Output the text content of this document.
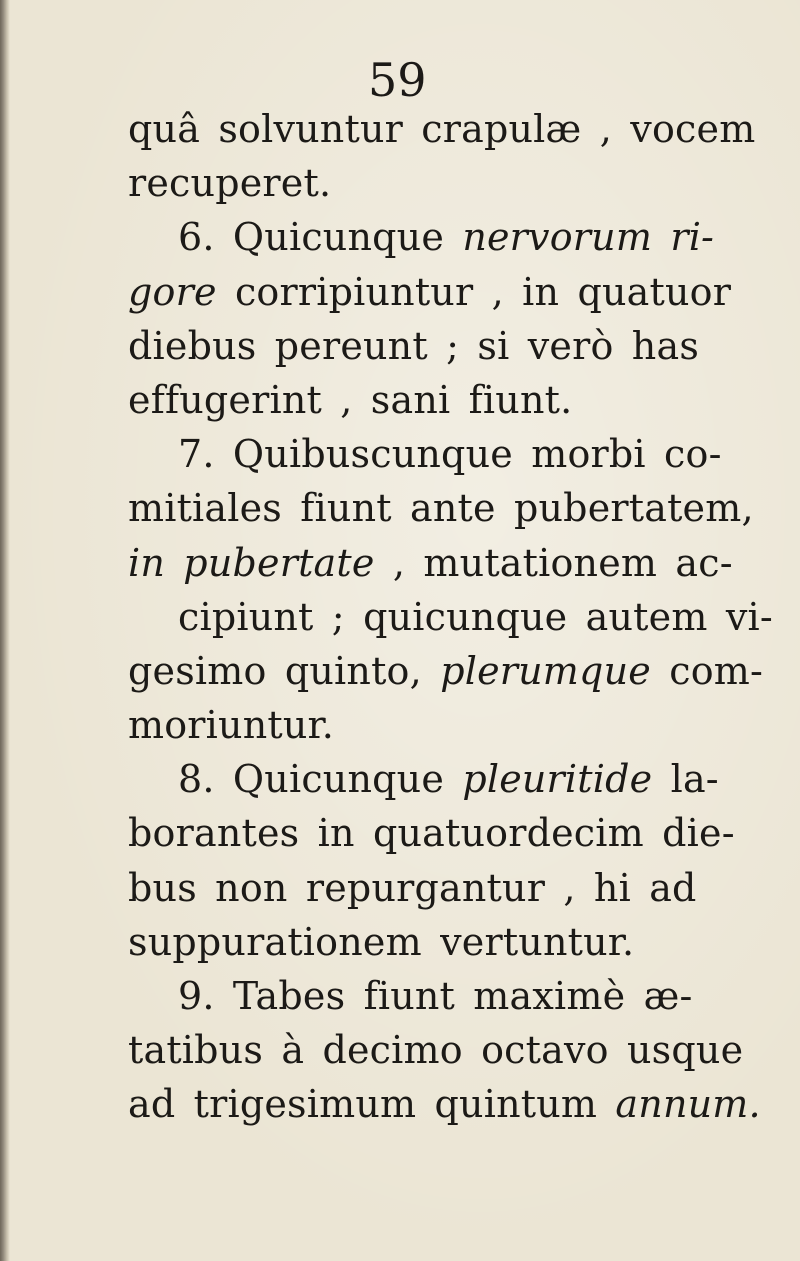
59
quâ solvuntur crapulæ , vocem
recuperet.
6. Quicunque nervorum ri-
gore corripiuntur , in quatuor
diebus pereunt ; si verò has
effugerint , sani fiunt.
7. Quibuscunque morbi co-
mitiales fiunt ante pubertatem,
in pubertate , mutationem ac-
cipiunt ; quicunque autem vi-
gesimo quinto, plerumque com-
moriuntur.
8. Quicunque pleuritide la-
borantes in quatuordecim die-
bus non repurgantur , hi ad
suppurationem vertuntur.
9. Tabes fiunt maximè æ-
tatibus à decimo octavo usque
ad trigesimum quintum annum.
